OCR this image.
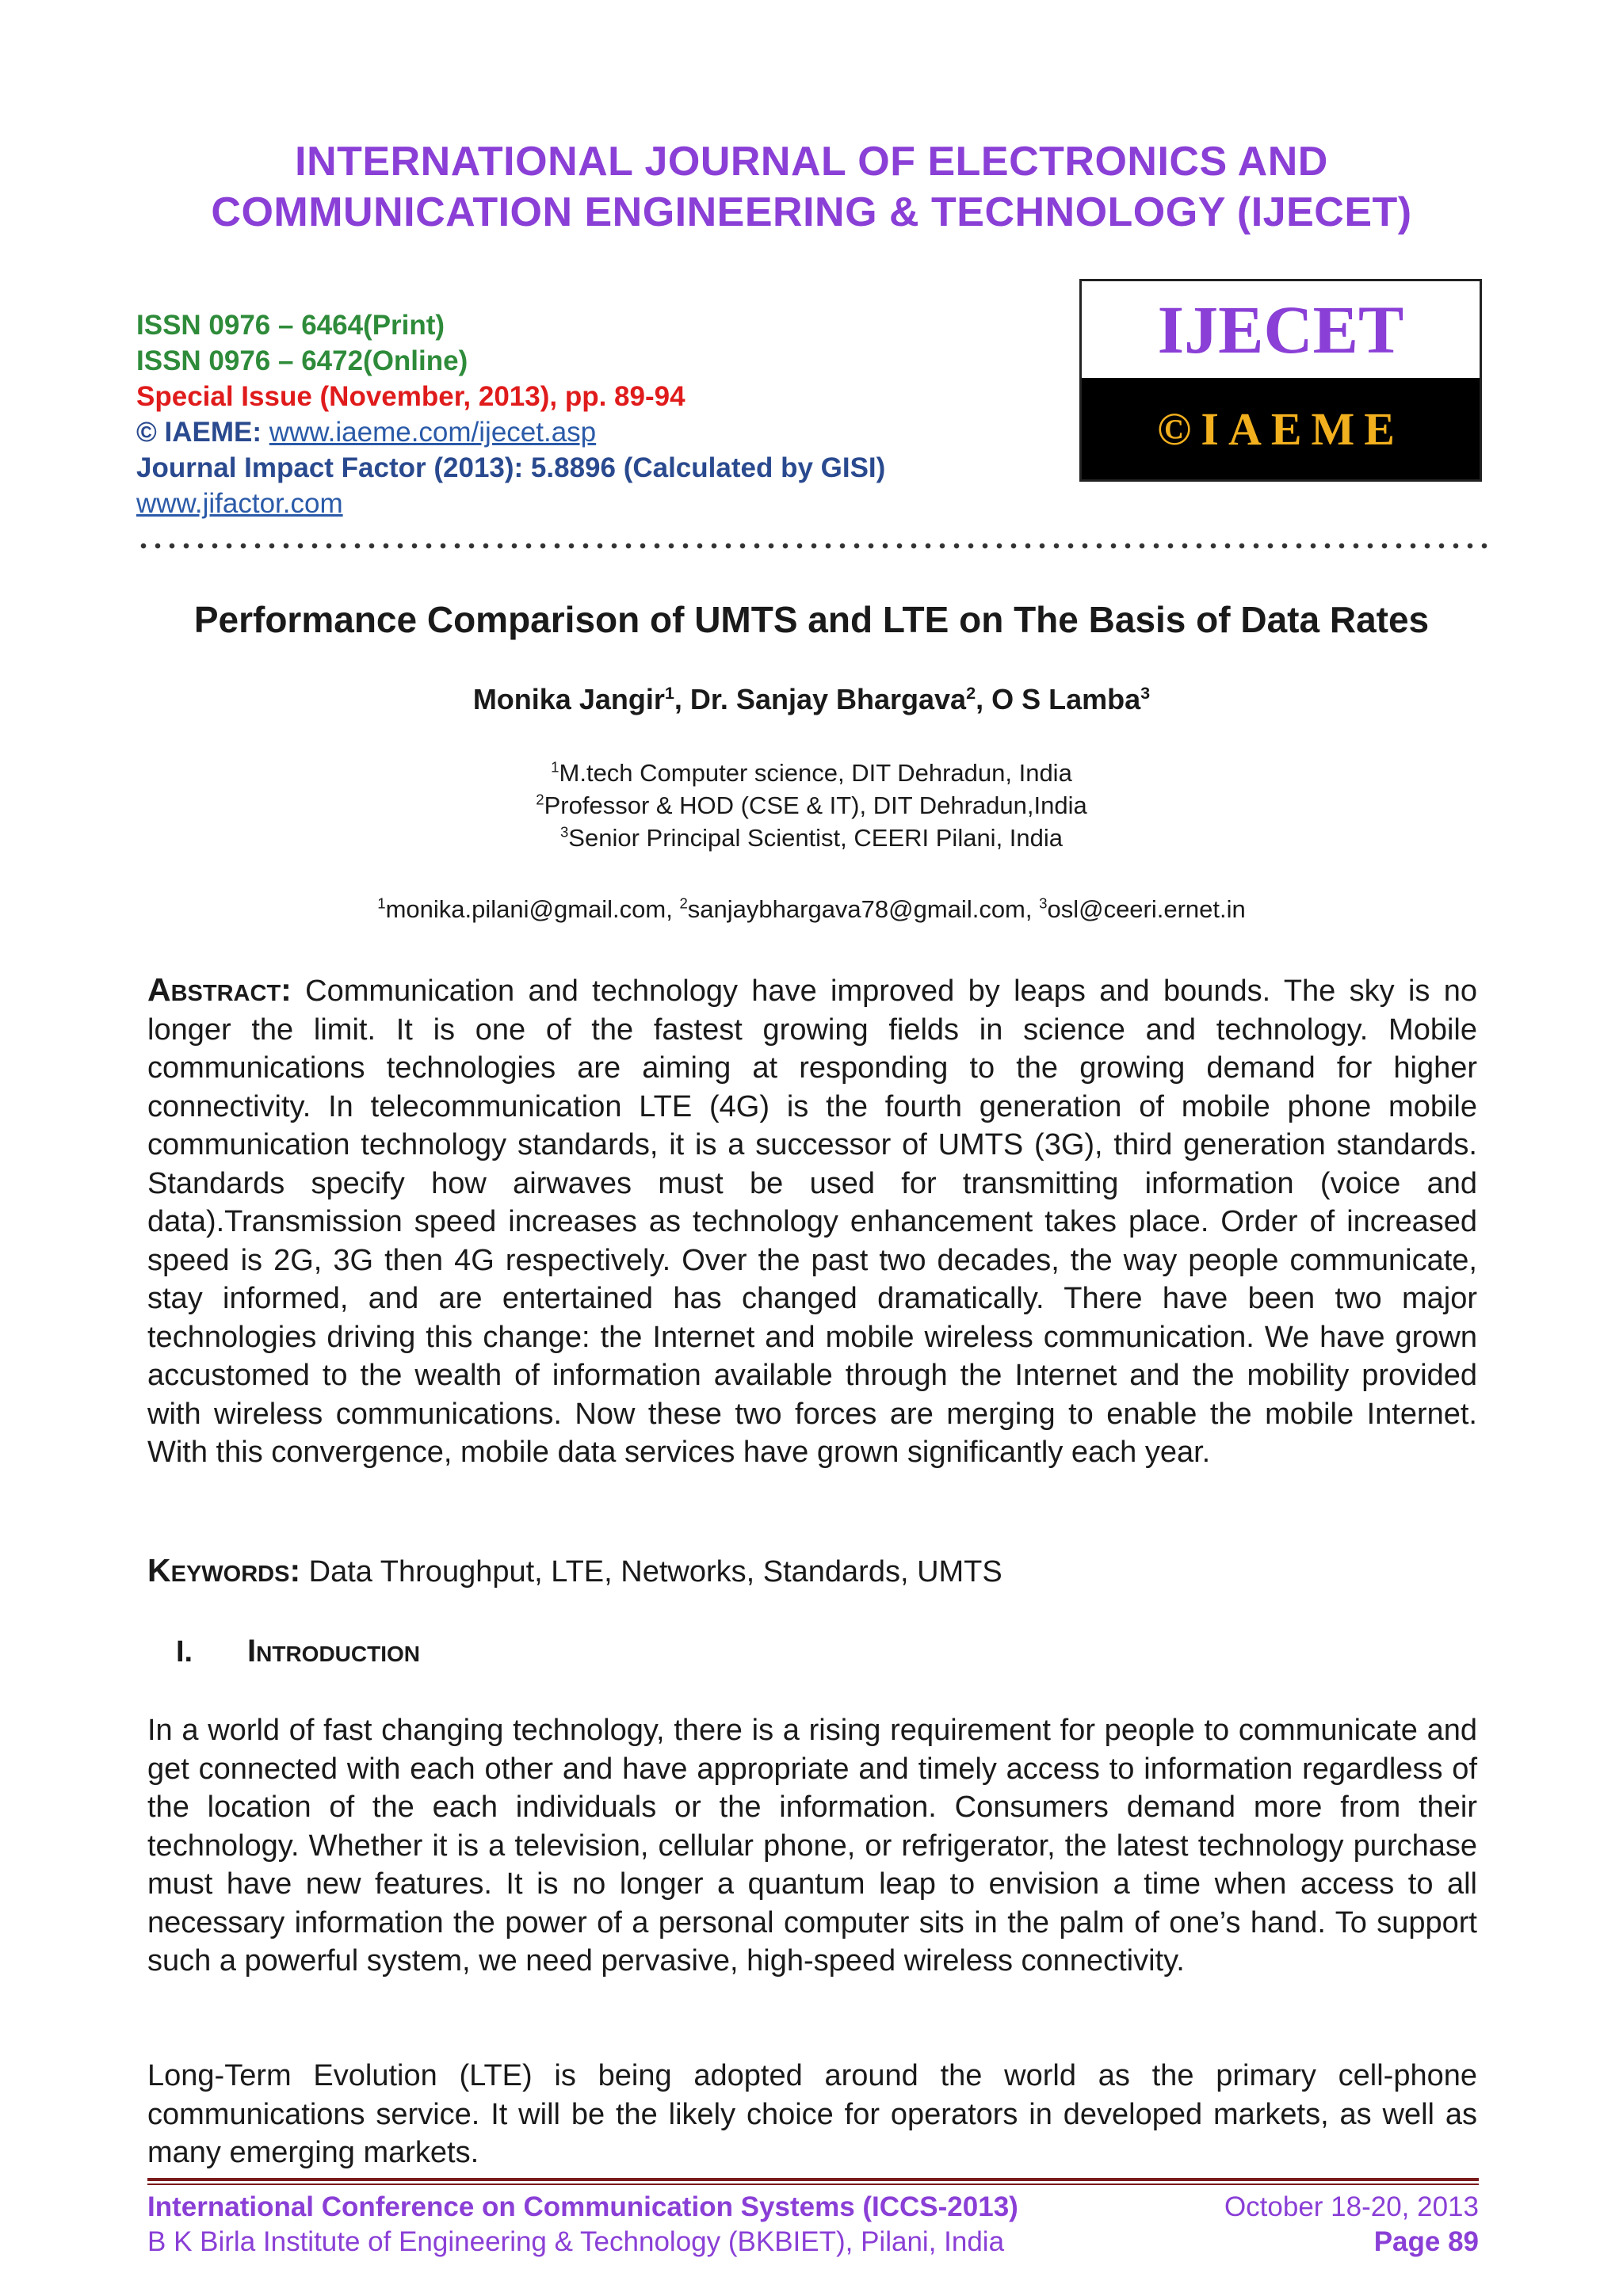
INTERNATIONAL JOURNAL OF ELECTRONICS AND
COMMUNICATION ENGINEERING & TECHNOLOGY (IJECET)
ISSN 0976 – 6464(Print)
ISSN 0976 – 6472(Online)
Special Issue (November, 2013), pp. 89-94
© IAEME: www.iaeme.com/ijecet.asp
Journal Impact Factor (2013): 5.8896 (Calculated by GISI)
www.jifactor.com
IJECET
©IAEME
Performance Comparison of UMTS and LTE on The Basis of Data Rates
Monika Jangir$^1$, Dr. Sanjay Bhargava$^2$, O S Lamba$^3$
$^1$M.tech Computer science, DIT Dehradun, India
$^2$Professor & HOD (CSE & IT), DIT Dehradun,India
$^3$Senior Principal Scientist, CEERI Pilani, India
$^1$monika.pilani@gmail.com, $^2$sanjaybhargava78@gmail.com, $^3$osl@ceeri.ernet.in
Abstract: Communication and technology have improved by leaps and bounds. The sky is no longer the limit. It is one of the fastest growing fields in science and technology. Mobile communications technologies are aiming at responding to the growing demand for higher connectivity. In telecommunication LTE (4G) is the fourth generation of mobile phone mobile communication technology standards, it is a successor of UMTS (3G), third generation standards. Standards specify how airwaves must be used for transmitting information (voice and data).Transmission speed increases as technology enhancement takes place. Order of increased speed is 2G, 3G then 4G respectively. Over the past two decades, the way people communicate, stay informed, and are entertained has changed dramatically. There have been two major technologies driving this change: the Internet and mobile wireless communication. We have grown accustomed to the wealth of information available through the Internet and the mobility provided with wireless communications. Now these two forces are merging to enable the mobile Internet. With this convergence, mobile data services have grown significantly each year.
Keywords: Data Throughput, LTE, Networks, Standards, UMTS
I. Introduction
In a world of fast changing technology, there is a rising requirement for people to communicate and get connected with each other and have appropriate and timely access to information regardless of the location of the each individuals or the information. Consumers demand more from their technology. Whether it is a television, cellular phone, or refrigerator, the latest technology purchase must have new features. It is no longer a quantum leap to envision a time when access to all necessary information the power of a personal computer sits in the palm of one’s hand. To support such a powerful system, we need pervasive, high-speed wireless connectivity.
Long-Term Evolution (LTE) is being adopted around the world as the primary cell-phone communications service. It will be the likely choice for operators in developed markets, as well as many emerging markets.
International Conference on Communication Systems (ICCS-2013)	October 18-20, 2013
B K Birla Institute of Engineering & Technology (BKBIET), Pilani, India	Page 89
